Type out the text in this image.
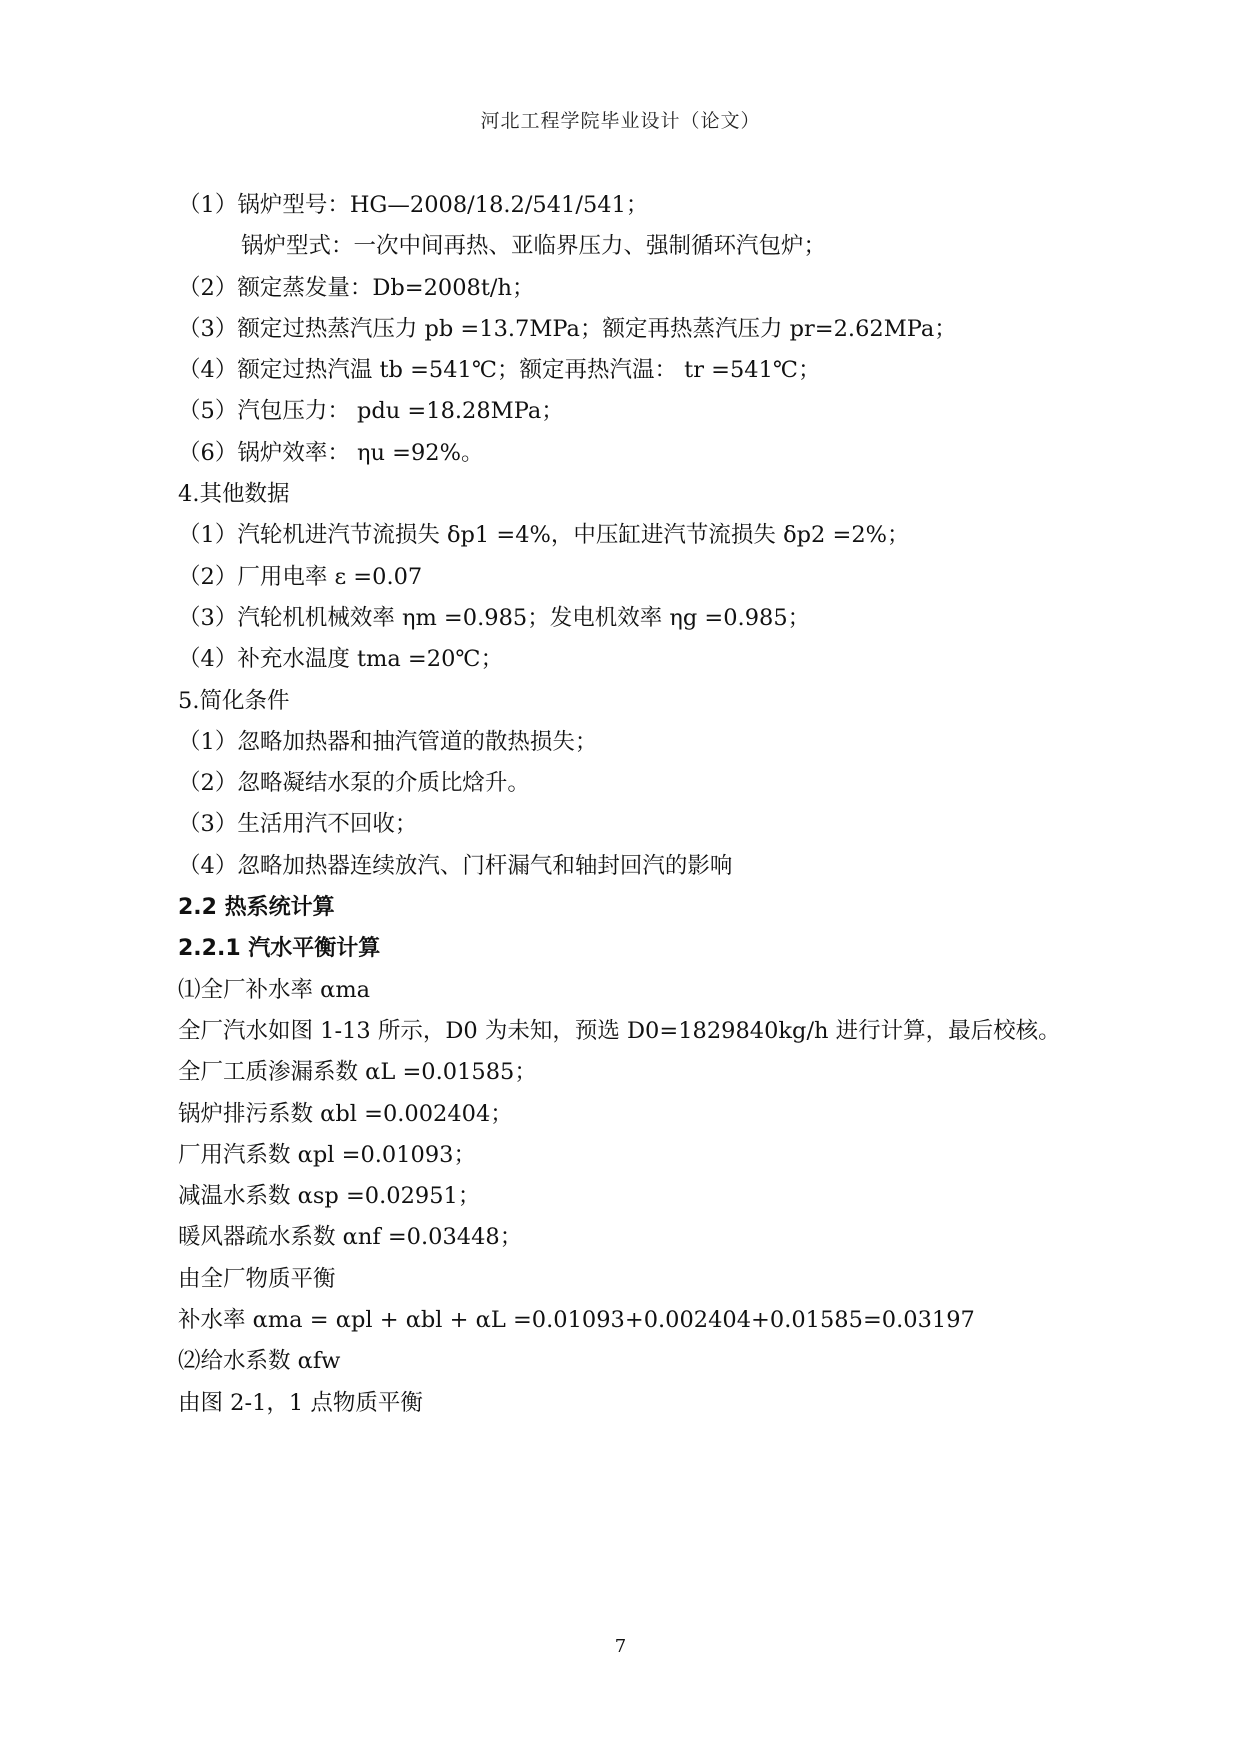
河北工程学院毕业设计（论文）
（1）锅炉型号：HG—2008/18.2/541/541；
锅炉型式：一次中间再热、亚临界压力、强制循环汽包炉；
（2）额定蒸发量：Db=2008t/h；
（3）额定过热蒸汽压力 pb =13.7MPa；额定再热蒸汽压力 pr=2.62MPa；
（4）额定过热汽温 tb =541℃；额定再热汽温： tr =541℃；
（5）汽包压力： pdu =18.28MPa；
（6）锅炉效率： ηu =92%。
4.其他数据
（1）汽轮机进汽节流损失 δp1 =4%，中压缸进汽节流损失 δp2 =2%；
（2）厂用电率 ε =0.07
（3）汽轮机机械效率 ηm =0.985；发电机效率 ηg =0.985；
（4）补充水温度 tma =20℃；
5.简化条件
（1）忽略加热器和抽汽管道的散热损失；
（2）忽略凝结水泵的介质比焓升。
（3）生活用汽不回收；
（4）忽略加热器连续放汽、门杆漏气和轴封回汽的影响
2.2 热系统计算
2.2.1 汽水平衡计算
⑴全厂补水率 αma
全厂汽水如图 1-13 所示，D0 为未知，预选 D0=1829840kg/h 进行计算，最后校核。
全厂工质渗漏系数 αL =0.01585；
锅炉排污系数 αbl =0.002404；
厂用汽系数 αpl =0.01093；
减温水系数 αsp =0.02951；
暖风器疏水系数 αnf =0.03448；
由全厂物质平衡
补水率 αma = αpl + αbl + αL =0.01093+0.002404+0.01585=0.03197
⑵给水系数 αfw
由图 2-1，1 点物质平衡
7
